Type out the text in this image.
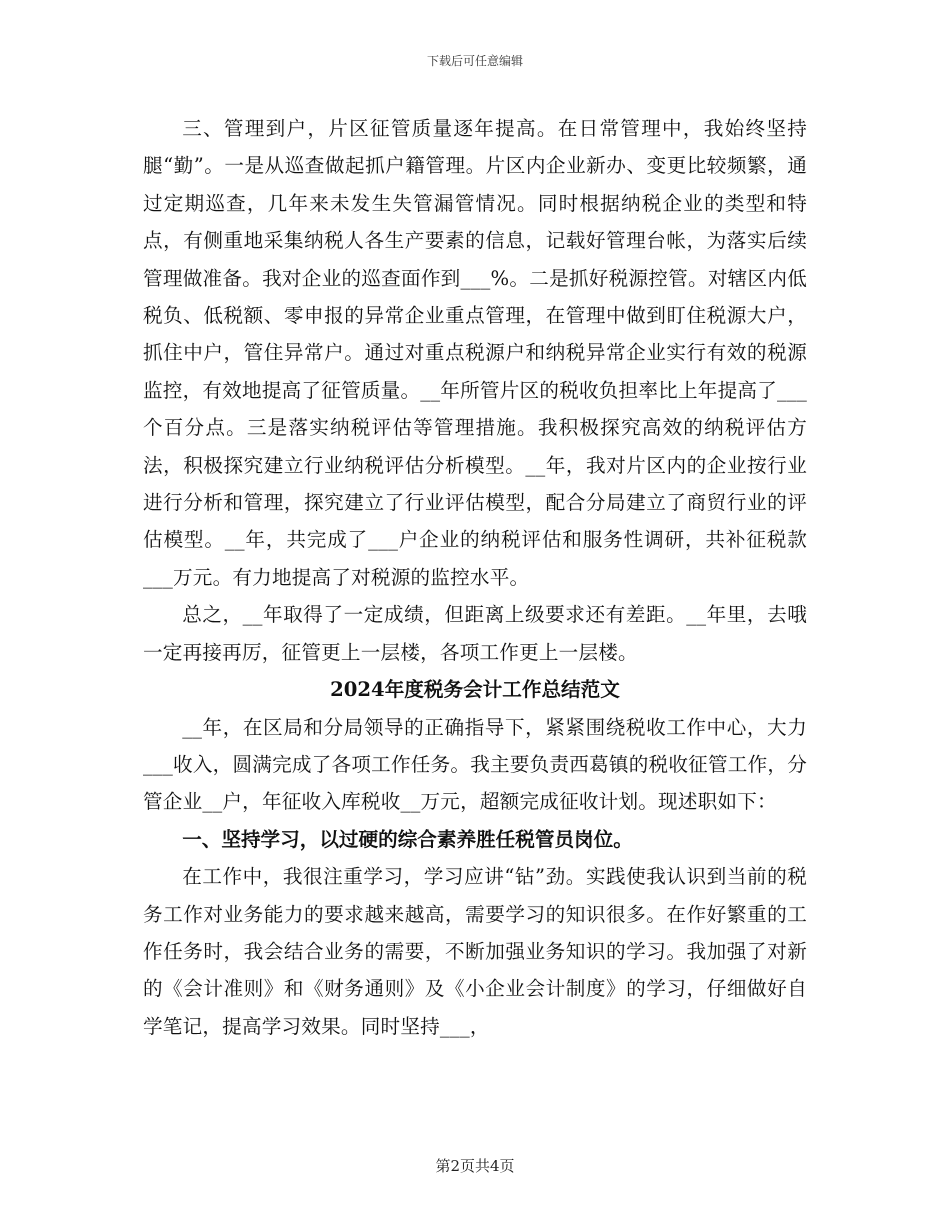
下载后可任意编辑

三、管理到户，片区征管质量逐年提高。在日常管理中，我始终坚持腿“勤”。一是从巡查做起抓户籍管理。片区内企业新办、变更比较频繁，通过定期巡查，几年来未发生失管漏管情况。同时根据纳税企业的类型和特点，有侧重地采集纳税人各生产要素的信息，记载好管理台帐，为落实后续管理做准备。我对企业的巡查面作到___%。二是抓好税源控管。对辖区内低税负、低税额、零申报的异常企业重点管理，在管理中做到盯住税源大户，抓住中户，管住异常户。通过对重点税源户和纳税异常企业实行有效的税源监控，有效地提高了征管质量。__年所管片区的税收负担率比上年提高了___个百分点。三是落实纳税评估等管理措施。我积极探究高效的纳税评估方法，积极探究建立行业纳税评估分析模型。__年，我对片区内的企业按行业进行分析和管理，探究建立了行业评估模型，配合分局建立了商贸行业的评估模型。__年，共完成了___户企业的纳税评估和服务性调研，共补征税款___万元。有力地提高了对税源的监控水平。

总之，__年取得了一定成绩，但距离上级要求还有差距。__年里，去哦一定再接再厉，征管更上一层楼，各项工作更上一层楼。

2024年度税务会计工作总结范文

__年，在区局和分局领导的正确指导下，紧紧围绕税收工作中心，大力___收入，圆满完成了各项工作任务。我主要负责西葛镇的税收征管工作，分管企业__户，年征收入库税收__万元，超额完成征收计划。现述职如下：

一、坚持学习，以过硬的综合素养胜任税管员岗位。

在工作中，我很注重学习，学习应讲“钻”劲。实践使我认识到当前的税务工作对业务能力的要求越来越高，需要学习的知识很多。在作好繁重的工作任务时，我会结合业务的需要，不断加强业务知识的学习。我加强了对新的《会计准则》和《财务通则》及《小企业会计制度》的学习，仔细做好自学笔记，提高学习效果。同时坚持___，

第2页共4页
